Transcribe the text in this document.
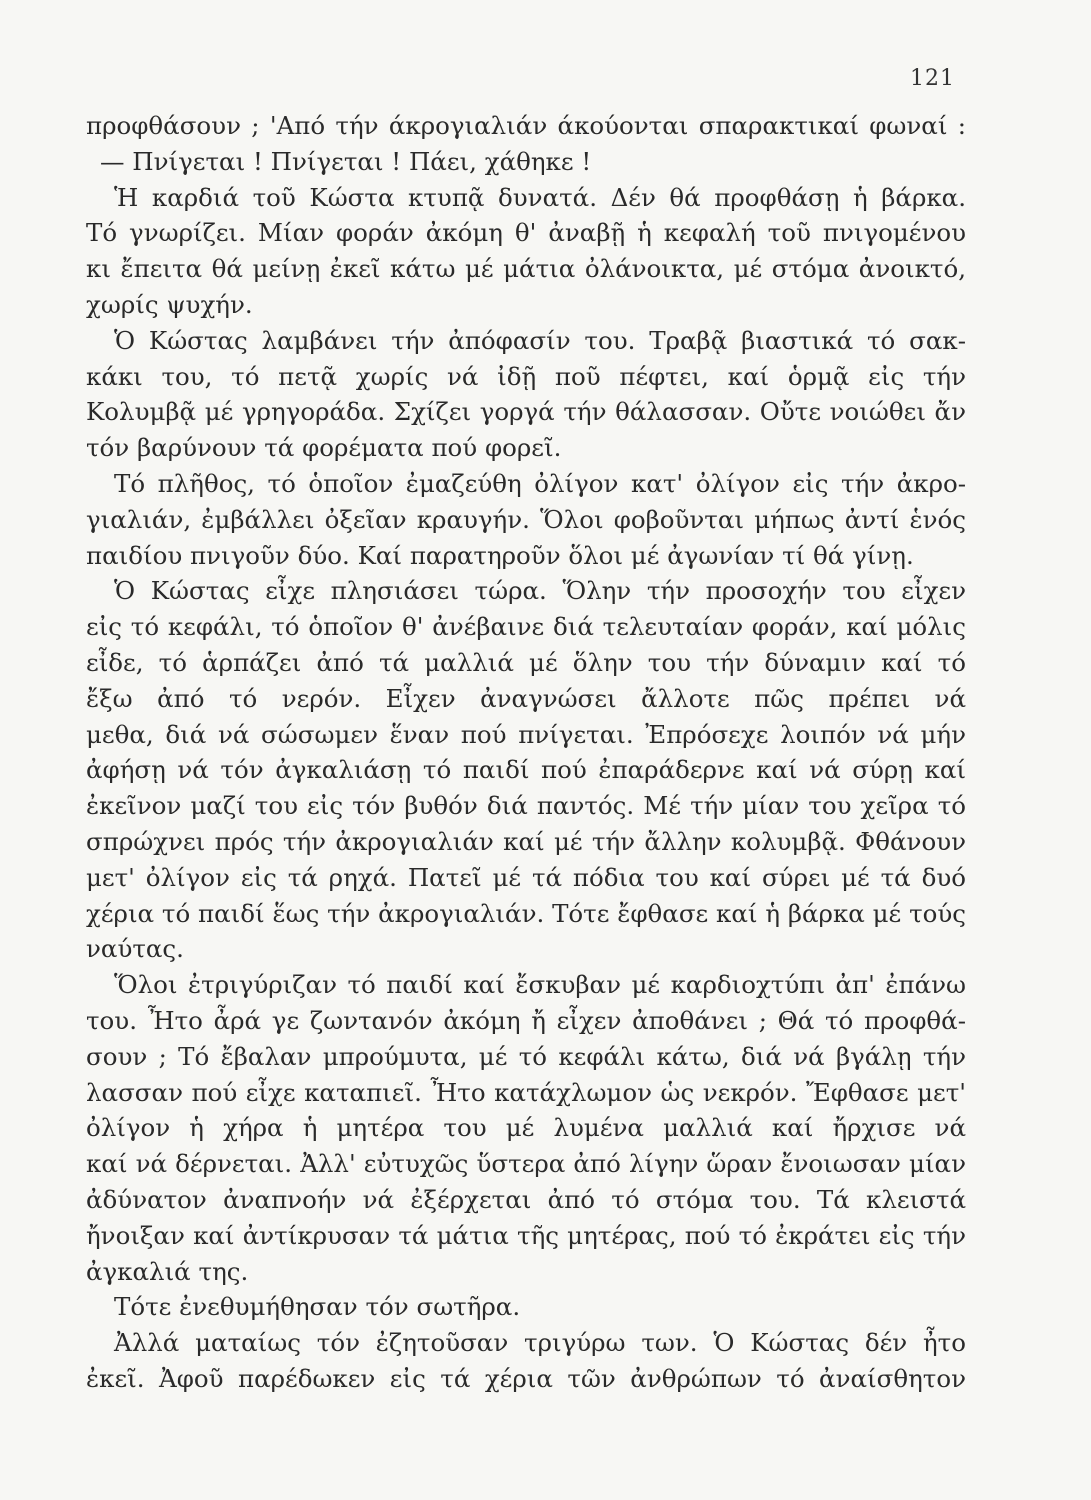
121
προφθάσουν ; 'Από τήν άκρογιαλιάν άκούονται σπαρακτικαί φωναί :
— Πνίγεται ! Πνίγεται ! Πάει, χάθηκε !
Ἡ καρδιά τοῦ Κώστα κτυπᾷ δυνατά. Δέν θά προφθάσῃ ἡ βάρκα.
Τό γνωρίζει. Μίαν φοράν ἀκόμη θ' ἀναβῇ ἡ κεφαλή τοῦ πνιγομένου
κι ἔπειτα θά μείνῃ ἐκεῖ κάτω μέ μάτια ὀλάνοικτα, μέ στόμα ἀνοικτό,
χωρίς ψυχήν.
Ὁ Κώστας λαμβάνει τήν ἀπόφασίν του. Τραβᾷ βιαστικά τό σακ-
κάκι του, τό πετᾷ χωρίς νά ἰδῇ ποῦ πέφτει, καί ὁρμᾷ εἰς τήν
Κολυμβᾷ μέ γρηγοράδα. Σχίζει γοργά τήν θάλασσαν. Οὔτε νοιώθει ἄν
τόν βαρύνουν τά φορέματα πού φορεῖ.
Τό πλῆθος, τό ὁποῖον ἐμαζεύθη ὀλίγον κατ' ὀλίγον εἰς τήν ἀκρο-
γιαλιάν, ἐμβάλλει ὀξεῖαν κραυγήν. Ὅλοι φοβοῦνται μήπως ἀντί ἑνός
παιδίου πνιγοῦν δύο. Καί παρατηροῦν ὅλοι μέ ἀγωνίαν τί θά γίνῃ.
Ὁ Κώστας εἶχε πλησιάσει τώρα. Ὅλην τήν προσοχήν του εἶχεν
εἰς τό κεφάλι, τό ὁποῖον θ' ἀνέβαινε διά τελευταίαν φοράν, καί μόλις
εἶδε, τό ἁρπάζει ἀπό τά μαλλιά μέ ὅλην του τήν δύναμιν καί τό
ἔξω ἀπό τό νερόν. Εἶχεν ἀναγνώσει ἄλλοτε πῶς πρέπει νά
μεθα, διά νά σώσωμεν ἕναν πού πνίγεται. Ἐπρόσεχε λοιπόν νά μήν
ἀφήσῃ νά τόν ἀγκαλιάσῃ τό παιδί πού ἐπαράδερνε καί νά σύρῃ καί
ἐκεῖνον μαζί του εἰς τόν βυθόν διά παντός. Μέ τήν μίαν του χεῖρα τό
σπρώχνει πρός τήν ἀκρογιαλιάν καί μέ τήν ἄλλην κολυμβᾷ. Φθάνουν
μετ' ὀλίγον εἰς τά ρηχά. Πατεῖ μέ τά πόδια του καί σύρει μέ τά δυό
χέρια τό παιδί ἕως τήν ἀκρογιαλιάν. Τότε ἔφθασε καί ἡ βάρκα μέ τούς
ναύτας.
Ὅλοι ἐτριγύριζαν τό παιδί καί ἔσκυβαν μέ καρδιοχτύπι ἀπ' ἐπάνω
του. Ἦτο ἆρά γε ζωντανόν ἀκόμη ἤ εἶχεν ἀποθάνει ; Θά τό προφθά-
σουν ; Τό ἔβαλαν μπρούμυτα, μέ τό κεφάλι κάτω, διά νά βγάλῃ τήν
λασσαν πού εἶχε καταπιεῖ. Ἦτο κατάχλωμον ὡς νεκρόν. Ἔφθασε μετ'
ὀλίγον ἡ χήρα ἡ μητέρα του μέ λυμένα μαλλιά καί ἤρχισε νά
καί νά δέρνεται. Ἀλλ' εὐτυχῶς ὕστερα ἀπό λίγην ὥραν ἔνοιωσαν μίαν
ἀδύνατον ἀναπνοήν νά ἐξέρχεται ἀπό τό στόμα του. Τά κλειστά
ἤνοιξαν καί ἀντίκρυσαν τά μάτια τῆς μητέρας, πού τό ἐκράτει εἰς τήν
ἀγκαλιά της.
Τότε ἐνεθυμήθησαν τόν σωτῆρα.
Ἀλλά ματαίως τόν ἐζητοῦσαν τριγύρω των. Ὁ Κώστας δέν ἦτο
ἐκεῖ. Ἀφοῦ παρέδωκεν εἰς τά χέρια τῶν ἀνθρώπων τό ἀναίσθητον
